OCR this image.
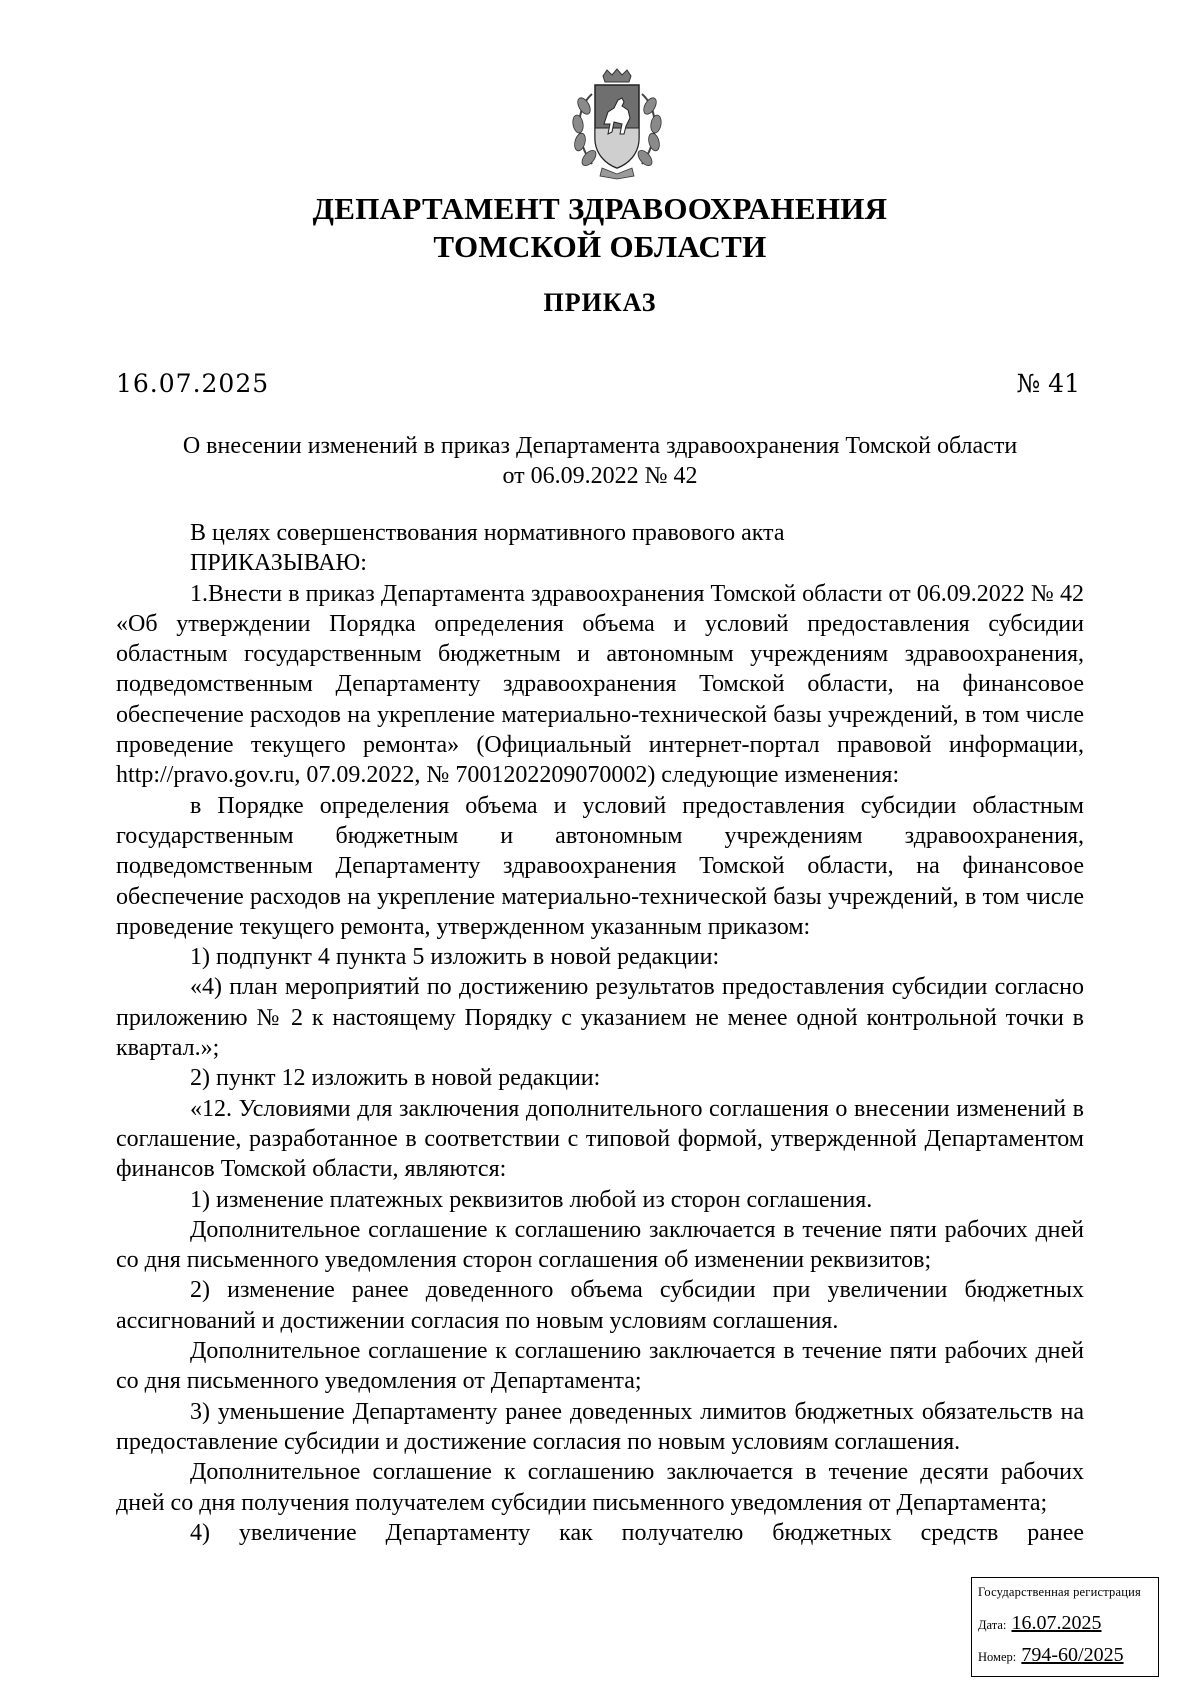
ДЕПАРТАМЕНТ ЗДРАВООХРАНЕНИЯ
ТОМСКОЙ ОБЛАСТИ
ПРИКАЗ
16.07.2025	№ 41
О внесении изменений в приказ Департамента здравоохранения Томской области
от 06.09.2022 № 42

В целях совершенствования нормативного правового акта

ПРИКАЗЫВАЮ:

1.Внести в приказ Департамента здравоохранения Томской области от 06.09.2022 № 42 «Об утверждении Порядка определения объема и условий предоставления субсидии областным государственным бюджетным и автономным учреждениям здравоохранения, подведомственным Департаменту здравоохранения Томской области, на финансовое обеспечение расходов на укрепление материально-технической базы учреждений, в том числе проведение текущего ремонта» (Официальный интернет-портал правовой информации, http://pravo.gov.ru, 07.09.2022, № 7001202209070002) следующие изменения:

в Порядке определения объема и условий предоставления субсидии областным государственным бюджетным и автономным учреждениям здравоохранения, подведомственным Департаменту здравоохранения Томской области, на финансовое обеспечение расходов на укрепление материально-технической базы учреждений, в том числе проведение текущего ремонта, утвержденном указанным приказом:

1) подпункт 4 пункта 5 изложить в новой редакции:

«4) план мероприятий по достижению результатов предоставления субсидии согласно приложению № 2 к настоящему Порядку с указанием не менее одной контрольной точки в квартал.»;

2) пункт 12 изложить в новой редакции:

«12. Условиями для заключения дополнительного соглашения о внесении изменений в соглашение, разработанное в соответствии с типовой формой, утвержденной Департаментом финансов Томской области, являются:

1) изменение платежных реквизитов любой из сторон соглашения.

Дополнительное соглашение к соглашению заключается в течение пяти рабочих дней со дня письменного уведомления сторон соглашения об изменении реквизитов;

2) изменение ранее доведенного объема субсидии при увеличении бюджетных ассигнований и достижении согласия по новым условиям соглашения.

Дополнительное соглашение к соглашению заключается в течение пяти рабочих дней со дня письменного уведомления от Департамента;

3) уменьшение Департаменту ранее доведенных лимитов бюджетных обязательств на предоставление субсидии и достижение согласия по новым условиям соглашения.

Дополнительное соглашение к соглашению заключается в течение десяти рабочих дней со дня получения получателем субсидии письменного уведомления от Департамента;

4) увеличение Департаменту как получателю бюджетных средств ранее

Государственная регистрация
Дата: 16.07.2025
Номер: 794-60/2025
